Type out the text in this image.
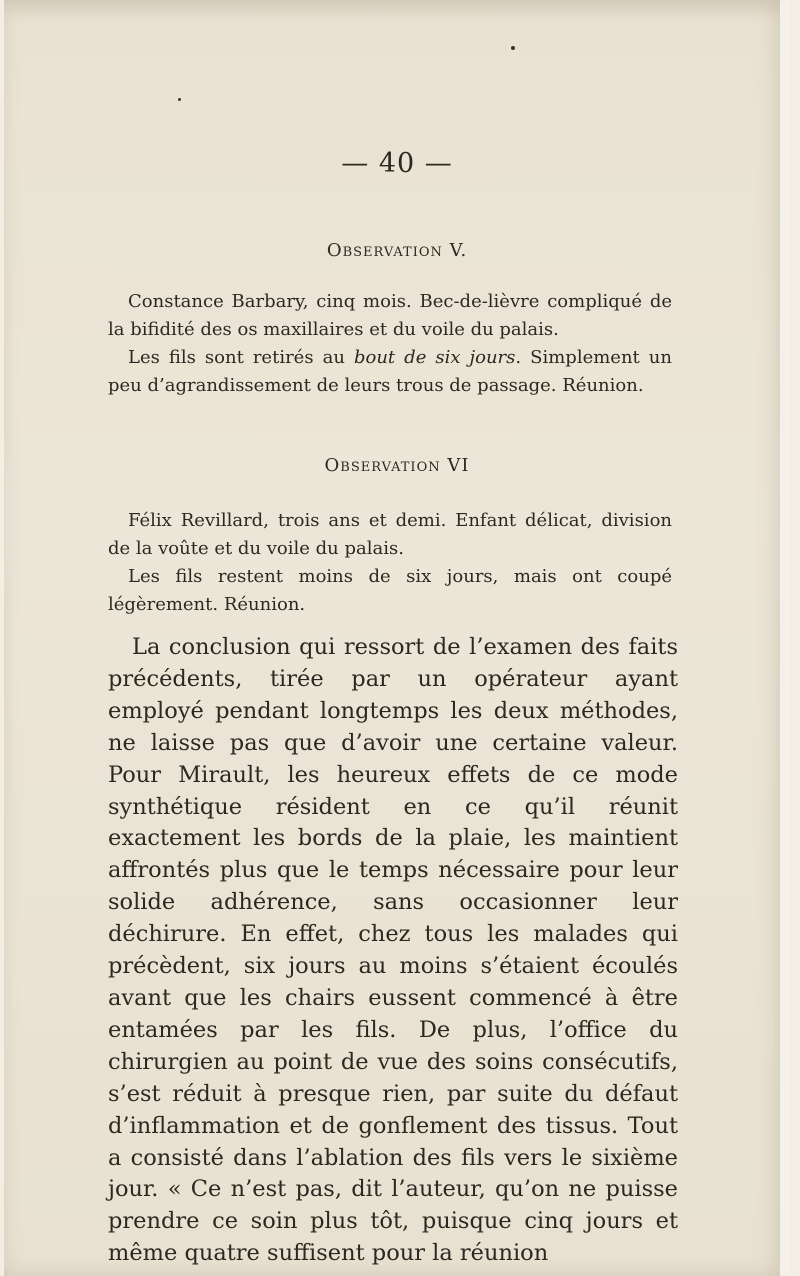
— 40 —
Observation V.

Constance Barbary, cinq mois. Bec-de-lièvre compliqué de la bifidité des os maxillaires et du voile du palais.

Les fils sont retirés au bout de six jours. Simplement un peu d’agrandissement de leurs trous de passage. Réunion.

Observation VI

Félix Revillard, trois ans et demi. Enfant délicat, division de la voûte et du voile du palais.

Les fils restent moins de six jours, mais ont coupé légèrement. Réunion.

La conclusion qui ressort de l’examen des faits précédents, tirée par un opérateur ayant employé pendant longtemps les deux méthodes, ne laisse pas que d’avoir une certaine valeur. Pour Mirault, les heureux effets de ce mode synthétique résident en ce qu’il réunit exactement les bords de la plaie, les maintient affrontés plus que le temps nécessaire pour leur solide adhérence, sans occasionner leur déchirure. En effet, chez tous les malades qui précèdent, six jours au moins s’étaient écoulés avant que les chairs eussent commencé à être entamées par les fils. De plus, l’office du chirurgien au point de vue des soins consécutifs, s’est réduit à presque rien, par suite du défaut d’inflammation et de gonflement des tissus. Tout a consisté dans l’ablation des fils vers le sixième jour. « Ce n’est pas, dit l’auteur, qu’on ne puisse prendre ce soin plus tôt, puisque cinq jours et même quatre suffisent pour la réunion
